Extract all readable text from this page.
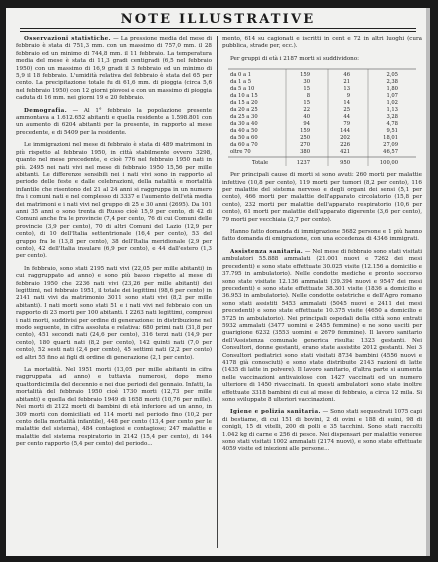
NOTE ILLUSTRATIVE

Osservazioni statistiche. — La pressione media del mese di febbraio è stata di 751,3 mm. con un massimo di 757,0 mm. il 28 febbraio ed un minimo di 744,8 mm. il 11 febbraio. La temperatura media del mese è stata di 11,3 gradi centigradi (6,5 nel febbraio 1950) con un massimo di 16,9 gradi il 3 febbraio ed un minimo di 5,9 il 18 febbraio. L'umidità relativa del febbraio è stata del 65 per cento. La precipitazione totale fu di 61,6 mm. di pioggia (circa 5,6 nel febbraio 1950) con 12 giorni piovosi e con un massimo di pioggia caduta di 16 mm. nei giorni 19 e 20 febbraio.

Demografia. — Al 1° febbraio la popolazione presente ammontava a 1.612.652 abitanti e quella residente a 1.598.801 con un aumento di 6204 abitanti per la presente, in rapporto al mese precedente, e di 5409 per la residente.

Le immigrazioni nel mese di febbraio è stata di 489 matrimoni in più rispetto al febbraio 1950, in città stabilmente ovvero 3298, quanto nel mese precedente, e cioè 776 nel febbraio 1950 nati in più. 2495 nei nati vivi nel mese di febbraio 1950 15,56 per mille abitanti. Le differenze sensibili nei i nati vivi sono in rapporto al periodo delle feste e dalle celebrazioni, della natalità e mortalità infantile che risentono del 21 al 24 anni si raggruppa in un numero fra i comuni nati e nel complesso di 3337 e l'aumento dell'età media dei matrimoni e i nati vivi nel gruppo di 25 e 30 anni (2695). Da 101 anni 35 anni o sono trenta di Russo cioè 15,9 per cento, di 42 di Comuni anche fra le provincie (7,4 per cento, 76 di cui Comuni delle provincie (3,9 per cento), 70 di altri Comuni del Lazio (12,9 per cento), di 10 dell'Italia settentrionale (16,4 per cento), 53 del gruppo fra le (13,8 per cento), 38 dell'Italia meridionale (2,9 per cento), 42 dell'Italia insulare (6,9 per cento), e 44 dall'estero (1,3 per cento).

In febbraio, sono stati 2195 nati vivi (22,05 per mille abitanti) in cui raggruppato ad anno) e sono più basso rispetto al mese di febbraio 1950 che 2236 nati vivi (23,26 per mille abitanti) dei legittimi, nel febbraio 1951, il totale dei legittimi (98,6 per cento) in 2141 nati vivi da matrimonio 3011 sono stati vivi (8,2 per mille abitanti). I nati morti sono stati 51 e i nati vivi nel febbraio con un rapporto di 23 morti per 100 abitanti. I 2263 nati legittimi, compresi i nati morti, suddivisi per ordine di generazione: in distribuzione nel modo seguente, in cifra assoluta e relativa: 680 primi nati (31,8 per cento), 451 secondi nati (24,6 per cento), 316 terzi nati (14,9 per cento), 180 quarti nati (8,2 per cento), 142 quinti nati (7,0 per cento), 52 sesti nati (2,4 per cento), 45 settimi nati (2,2 per cento) ed altri 55 fino ai figli di ordine di generazione (2,1 per cento).

La mortalità. Nel 1951 morti (13,05 per mille abitanti in cifra raggruppata ad anno) e tuttavia numerosi, dopo meno quattordicimila del decennio e nei due periodi del gennaio. Infatti, la mortalità del febbraio 1950 cioè 1730 morti (12,73 per mille abitanti) e quella del febbraio 1949 di 1658 morti (10,76 per mille). Nei morti di 2122 morti di bambini di età inferiore ad un anno, in 309 morti con domiciliati ed 114 morti nel periodo fino (10,2 per cento della mortalità infantile), 448 per cento (13,4 per cento per le malattie del sistema), 484 contagiosi e contagiose; 247 malattie e malattie del sistema respiratorio in 2142 (15,4 per cento), di 144 per cento rapporto (5,4 per cento) del periodo...

mento, 614 su cagionati e iscritti in cent e 72 in altri luoghi (cura pubblica, strade per, ecc.).

Per gruppi di età i 2187 morti si suddividono:

da 0 a 1	159	46	2,05
da 1 a 5	30	21	2,38
da 5 a 10	15	13	1,80
da 10 a 15	8	9	1,07
da 15 a 20	15	14	1,02
da 20 a 25	22	25	1,13
da 25 a 30	40	44	3,28
da 30 a 40	94	79	4,78
da 40 a 50	159	144	9,51
da 50 a 60	250	202	18,01
da 60 a 70	270	226	27,09
oltre 70	380	421	46,57
Totale	1237	950	100,00

Per principali cause di morti si sono avuti: 260 morti per malattie infettive (10,8 per cento), 119 morti per tumori (8,2 per cento), 116 per malattie del sistema nervoso e degli organi dei sensi (5,1 per cento), 466 morti per malattie dell'apparato circolatorio (15,8 per cento), 232 morti per malattie dell'apparato respiratorio (10,6 per cento), 61 morti per malattie dell'apparato digerente (3,6 per cento), 79 morti per vecchiaia (2,7 per cento).

Hanno fatto domanda di immigrazione 5682 persone e 1 più hanno fatto domanda di emigrazione, con una eccedenza di 4346 immigrati.

Assistenza sanitaria. — Nel mese di febbraio sono stati visitati ambulatori 55.888 ammalati (21.001 nuovi e 7262 dei mesi precedenti) e sono state effettuate 30.025 visite (12.156 a domicilio e 37.795 in ambulatorio). Nelle condotte mediche e pronto soccorso sono state visitate 12.136 ammalati (39.394 nuovi e 9547 dei mesi precedenti) e sono state effettuate 38.301 visite (1836 a domicilio e 36.953 in ambulatorio). Nelle condotte ostetriche e dell'Agro romano sono stati assistiti 5453 ammalati (5045 nuovi e 2411 dei mesi precedenti) e sono state effettuate 10.375 visite (4650 a domicilio e 5725 in ambulatorio). Nei principali ospedali della città sono entrati 5932 ammalati (3477 uomini e 2455 femmine) e ne sono usciti per guarigione 6232 (3553 uomini e 2679 femmine). Il lavoro sanitario dell'Assistenza comunale generica risulta: 1323 gestanti. Nei Consultori, donne gestanti, erano state assistite 2012 gestanti. Nei 3 Consultori pediatrici sono stati visitati 8734 bambini (4556 nuovi e 4178 già conosciuti) e sono state distribuite 2143 razioni di latte (1435 di latte in polvere). Il lavoro sanitario, d'altra parte si aumenta nelle vaccinazioni antivaiolose con 1427 vaccinati ed un numero ulteriore di 1450 rivaccinati. In questi ambulatori sono state inoltre effettuate 3318 bambini di cui al mese di febbraio, a circa 12 mila. Si sono sviluppate 8 ulteriori vaccinazioni.

Igiene e polizia sanitaria. — Sono stati sequestrati 1075 capi di bestiame, di cui 151 di bovini, 2 di ovini e 188 di suini, 98 di conigli, 15 di vitelli, 200 di polli e 35 tacchini. Sono stati raccolti 1.042 kg di carne e 256 di pesce. Nei dispensari per malattie veneree sono stati visitati 1002 ammalati (2174 nuovi), e sono state effettuate 4059 visite ed iniezioni alle persone...
